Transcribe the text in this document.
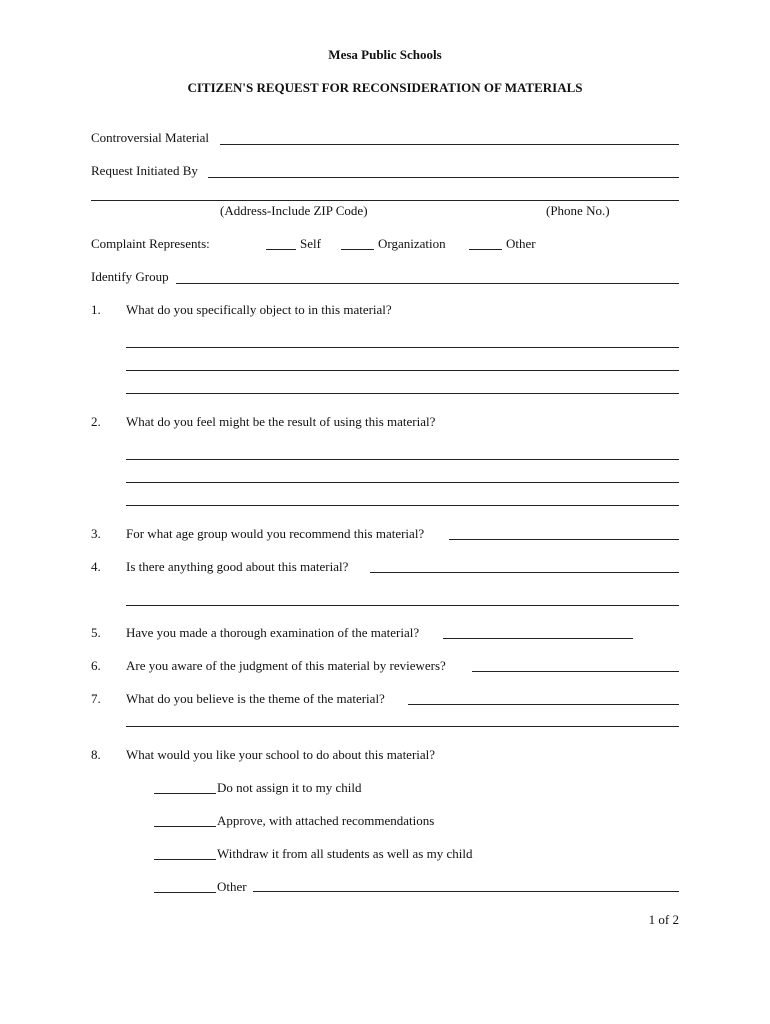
Mesa Public Schools
CITIZEN'S REQUEST FOR RECONSIDERATION OF MATERIALS
Controversial Material
Request Initiated By
(Address-Include ZIP Code)	(Phone No.)
Complaint Represents:	Self	Organization	Other
Identify Group
1. What do you specifically object to in this material?
2. What do you feel might be the result of using this material?
3. For what age group would you recommend this material?
4. Is there anything good about this material?
5. Have you made a thorough examination of the material?
6. Are you aware of the judgment of this material by reviewers?
7. What do you believe is the theme of the material?
8. What would you like your school to do about this material?
Do not assign it to my child
Approve, with attached recommendations
Withdraw it from all students as well as my child
Other
1 of 2
